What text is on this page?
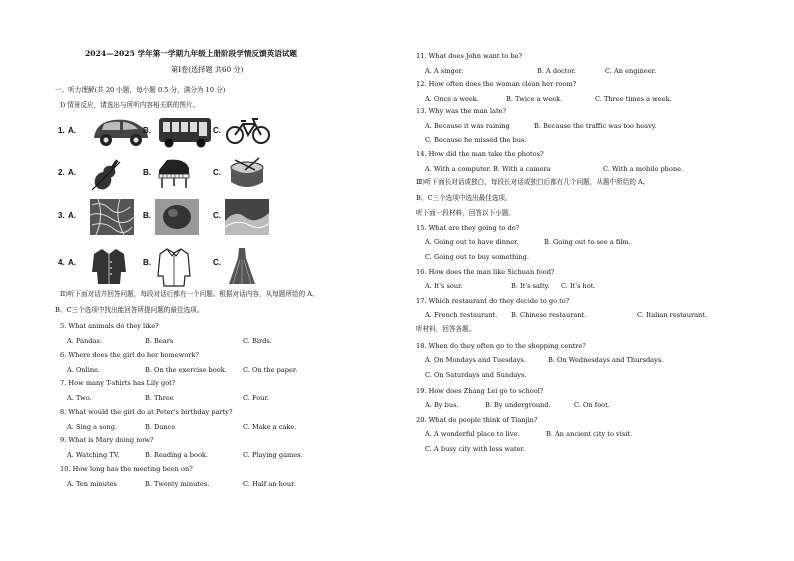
2024—2025 学年第一学期九年级上册阶段学情反馈英语试题
第Ⅰ卷(选择题 共60 分)
一、听力理解(共 20 小题，每小题 0.5 分，满分为 10 分)
I) 情景反应，请选出与所听内容相关联的图片。
1. A.	B.	C.
2. A.	B.	C.
3. A.	B.	C.
4. A.	B.	C.
II)听下面对话并回答问题，每段对话后都有一个问题。根据对话内容，从每题所给的 A、
B、C三个选项中找出能回答所提问题的最佳选项。
5. What animals do they like?
A. Pandas.	B. Bears	C. Birds.
6. Where does the girl do her homework?
A. Online.	B. On the exercise book. C. On the paper.
7. How many T-shirts has Lily got?
A. Two.	B. Three	C. Four.
8. What would the girl do at Peter's birthday party?
A. Sing a song.	B. Dance	C. Make a cake.
9. What is Mary doing now?
A. Watching TV.	B. Reading a book.	C. Playing games.
10. How long has the meeting been on?
A. Ten minutes	B. Twenty minutes.	C. Half an hour.
11. What does John want to be?
A. A singer.	B. A doctor.	C. An engineer.
12. How often does the woman clean her room?
A. Once a week.	B. Twice a week.	C. Three times a week.
13. Why was the man late?
A. Because it was raining	B. Because the traffic was too heavy.
C. Because he missed the bus.
14. How did the man take the photos?
A. With a computer. B. With a camera	C. With a mobile phone.
Ⅲ)听下面长对话或独白，每段长对话或独白后都有几个问题，从题中所给的 A、
B、C三个选项中选出最佳选项。
听下面一段材料，回答以下小题。
15. What are they going to do?
A. Going out to have dinner.	B. Going out to see a film.
C. Going out to buy something.
16. How does the man like Sichuan food?
A. It's sour.	B. It's salty. C. It's hot.
17. Which restaurant do they decide to go to?
A. French restaurant. B. Chinese restaurant.	C. Italian restaurant.
听材料，回答各题。
18. When do they often go to the shopping centre?
A. On Mondays and Tuesdays.	B. On Wednesdays and Thursdays.
C. On Saturdays and Sundays.
19. How does Zhang Lei go to school?
A. By bus.	B. By underground.	C. On foot.
20. What do people think of Tianjin?
A. A wonderful place to live.	B. An ancient city to visit.
C. A busy city with less water.
